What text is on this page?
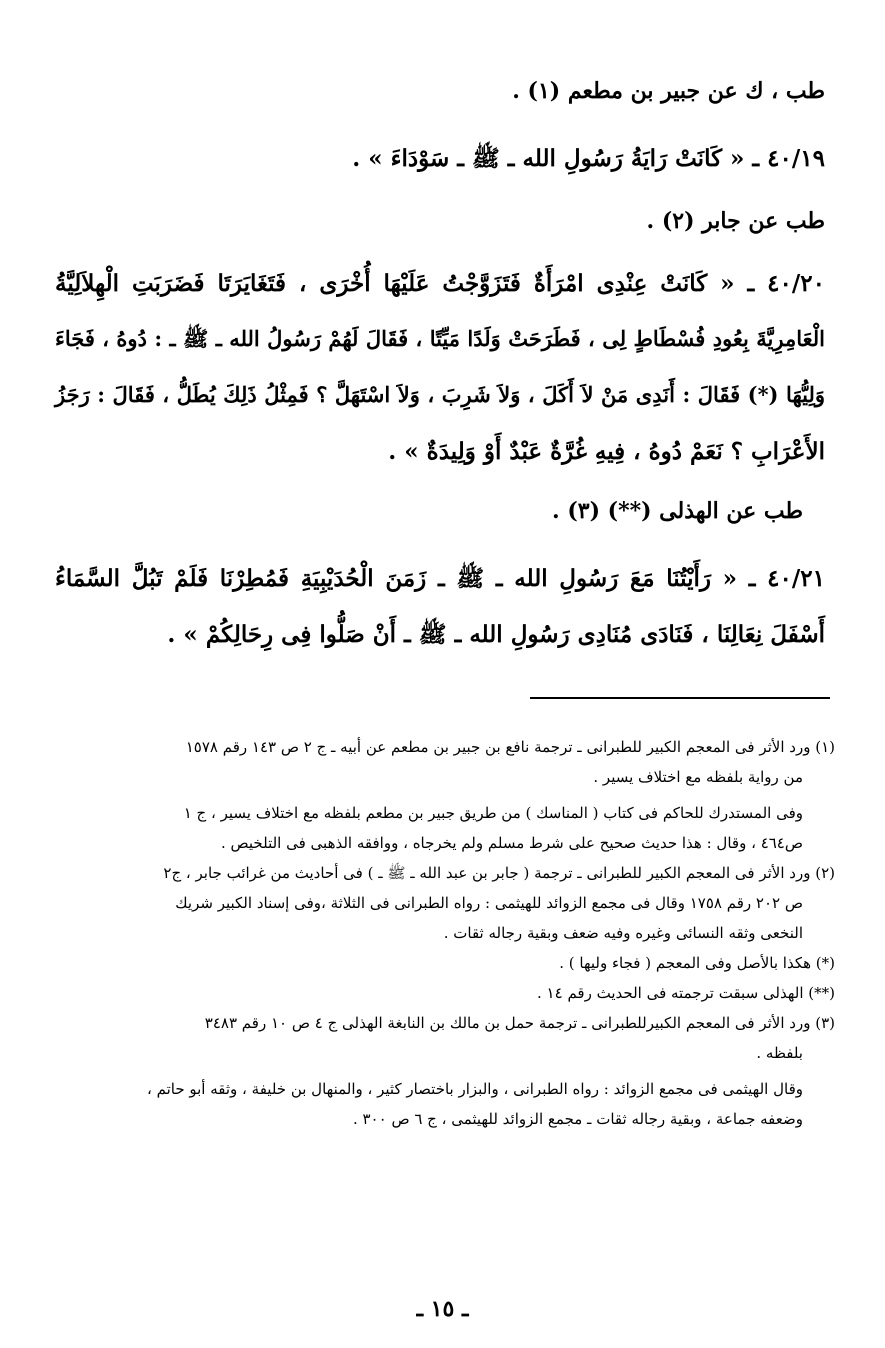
طب ، ك عن جبير بن مطعم (١) .

٤٠/١٩ ـ « كَانَتْ رَايَةُ رَسُولِ الله ـ ﷺ ـ سَوْدَاءَ » .

طب عن جابر (٢) .

٤٠/٢٠ ـ « كَانَتْ عِنْدِى امْرَأَةٌ فَتَزَوَّجْتُ عَلَيْهَا أُخْرَى ، فَتَغَايَرَتَا فَضَرَبَتِ الْهِلاَلِيَّةُ

الْعَامِرِيَّةَ بِعُودِ فُسْطَاطٍ لِى ، فَطَرَحَتْ وَلَدًا مَيِّتًا ، فَقَالَ لَهُمْ رَسُولُ الله ـ ﷺ ـ : دُوهُ ، فَجَاءَ

وَلِيُّهَا (*) فَقَالَ : أَنَدِى مَنْ لاَ أَكَلَ ، وَلاَ شَرِبَ ، وَلاَ اسْتَهَلَّ ؟ فَمِثْلُ ذَلِكَ يُطَلُّ ، فَقَالَ : رَجَزُ

الأَعْرَابِ ؟ نَعَمْ دُوهُ ، فِيهِ غُرَّةٌ عَبْدٌ أَوْ وَلِيدَةٌ » .

طب عن الهذلى (**) (٣) .

٤٠/٢١ ـ « رَأَيْتُنَا مَعَ رَسُولِ الله ـ ﷺ ـ زَمَنَ الْحُدَيْبِيَةِ فَمُطِرْنَا فَلَمْ تَبُلَّ السَّمَاءُ

أَسْفَلَ نِعَالِنَا ، فَنَادَى مُنَادِى رَسُولِ الله ـ ﷺ ـ أَنْ صَلُّوا فِى رِحَالِكُمْ » .

(١) ورد الأثر فى المعجم الكبير للطبرانى ـ ترجمة نافع بن جبير بن مطعم عن أبيه ـ ج ٢ ص ١٤٣ رقم ١٥٧٨
من رواية بلفظه مع اختلاف يسير .
وفى المستدرك للحاكم فى كتاب ( المناسك ) من طريق جبير بن مطعم بلفظه مع اختلاف يسير ، ج ١
ص٤٦٤ ، وقال : هذا حديث صحيح على شرط مسلم ولم يخرجاه ، ووافقه الذهبى فى التلخيص .
(٢) ورد الأثر فى المعجم الكبير للطبرانى ـ ترجمة ( جابر بن عبد الله ـ ﷺ ـ ) فى أحاديث من غرائب جابر ، ج٢
ص ٢٠٢ رقم ١٧٥٨ وقال فى مجمع الزوائد للهيثمى : رواه الطبرانى فى الثلاثة ،وفى إسناد الكبير شريك
النخعى وثقه النسائى وغيره وفيه ضعف وبقية رجاله ثقات .
(*) هكذا بالأصل وفى المعجم ( فجاء وليها ) .
(**) الهذلى سبقت ترجمته فى الحديث رقم ١٤ .
(٣) ورد الأثر فى المعجم الكبيرللطبرانى ـ ترجمة حمل بن مالك بن النابغة الهذلى ج ٤ ص ١٠ رقم ٣٤٨٣
بلفظه .
وقال الهيثمى فى مجمع الزوائد : رواه الطبرانى ، والبزار باختصار كثير ، والمنهال بن خليفة ، وثقه أبو حاتم ،
وضعفه جماعة ، وبقية رجاله ثقات ـ مجمع الزوائد للهيثمى ، ج ٦ ص ٣٠٠ .
ـ ١٥ ـ
